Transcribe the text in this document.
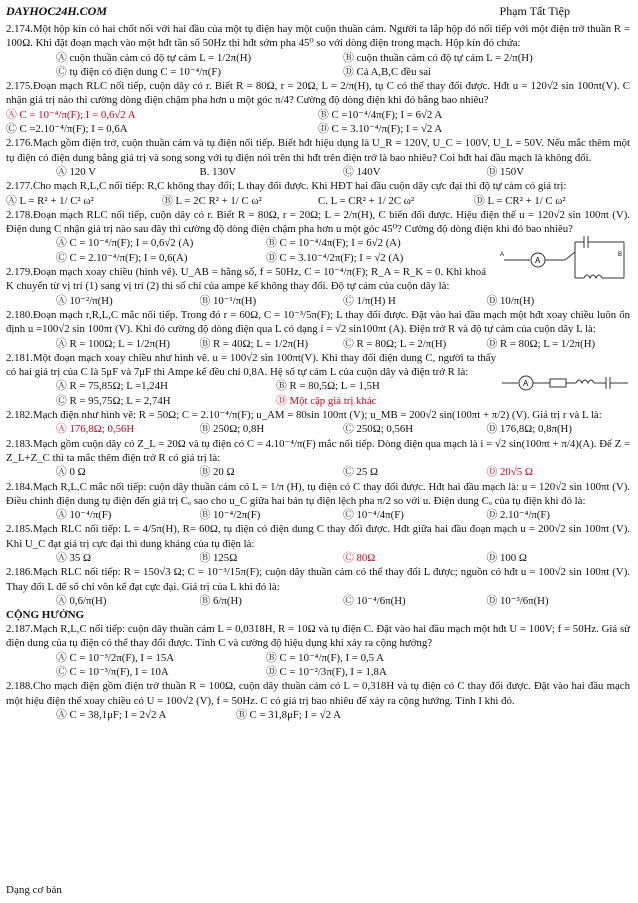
DAYHOC24H.COM	Phạm Tất Tiệp

2.174.Một hộp kín có hai chốt nối với hai đầu của một tụ điện hay một cuộn thuần cảm. Người ta lắp hộp đó nối tiếp với một điện trở thuần R = 100Ω. Khi đặt đoạn mạch vào một hđt tần số 50Hz thì hđt sớm pha 45⁰ so với dòng điện trong mạch. Hộp kín đó chứa:

Ⓐ cuộn thuần cảm có độ tự cảm L = 1/2π(H)	Ⓑ cuộn thuần cảm có độ tự cảm L = 2/π(H)
Ⓒ tụ điện có điện dung C = 10⁻⁴/π(F)	Ⓓ Cả A,B,C đều sai

2.175.Đoạn mạch RLC nối tiếp, cuộn dây có r. Biết R = 80Ω, r = 20Ω, L = 2/π(H), tụ C có thể thay đổi được. Hđt u = 120√2 sin 100πt(V). C nhận giá trị nào thì cường dòng điện chậm pha hơn u một góc π/4? Cường độ dòng điện khi đó bằng bao nhiêu?

Ⓐ C = 10⁻⁴/π(F); I = 0,6√2 A	Ⓑ C =10⁻⁴/4π(F); I = 6√2 A
Ⓒ C =2.10⁻⁴/π(F); I = 0,6A	Ⓓ C = 3.10⁻⁴/π(F); I = √2 A

2.176.Mạch gồm điện trở, cuộn thuần cảm và tụ điện nối tiếp. Biết hđt hiệu dụng là U_R = 120V, U_C = 100V, U_L = 50V. Nếu mắc thêm một tụ điện có điện dung bằng giá trị và song song với tụ điện nói trên thì hđt trên điện trở là bao nhiêu? Coi hđt hai đầu mạch là không đổi.

Ⓐ 120 V	B. 130V	Ⓒ 140V	Ⓓ 150V

2.177.Cho mạch R,L,C nối tiếp: R,C không thay đổi; L thay đổi được. Khi HĐT hai đầu cuộn dây cực đại thì độ tự cảm có giá trị:

Ⓐ L = R² + 1/ C² ω²	Ⓑ L = 2C R² + 1/ C ω²	C. L = CR² + 1/ 2C ω²	Ⓓ L = CR² + 1/ C ω²

2.178.Đoạn mạch RLC nối tiếp, cuộn dây có r. Biết R = 80Ω, r = 20Ω; L = 2/π(H), C biến đổi được. Hiệu điện thế u = 120√2 sin 100πt (V). Điện dung C nhận giá trị nào sau đây thì cường độ dòng điện chậm pha hơn u một góc 45⁰? Cường độ dòng điện khi đó bao nhiêu?

Ⓐ C = 10⁻⁴/π(F); I = 0,6√2 (A)	Ⓑ C = 10⁻⁴/4π(F); I = 6√2 (A)
Ⓒ C = 2.10⁻⁴/π(F); I = 0,6(A)	Ⓓ C = 3.10⁻⁴/2π(F); I = √2 (A)	A
A	B

2.179.Đoạn mạch xoay chiều (hình vẽ). U_AB = hằng số, f = 50Hz, C = 10⁻⁴/π(F); R_A = R_K = 0. Khi khoá K chuyển từ vị trí (1) sang vị trí (2) thì số chỉ của ampe kế không thay đổi. Độ tự cảm của cuộn dây là:

Ⓐ 10⁻²/π(H)	Ⓑ 10⁻¹/π(H)	Ⓒ 1/π(H) H	Ⓓ 10/π(H)

2.180.Đoạn mạch r,R,L,C mắc nối tiếp. Trong đó r = 60Ω, C = 10⁻³/5π(F); L thay đổi được. Đặt vào hai đầu mạch một hđt xoay chiều luôn ổn định u =100√2 sin 100πt (V). Khi đó cường độ dòng điện qua L có dạng i = √2 sin100πt (A). Điện trở R và độ tự cảm của cuộn dây L là:

Ⓐ R = 100Ω; L = 1/2π(H)	Ⓑ R = 40Ω; L = 1/2π(H)	Ⓒ R = 80Ω; L = 2/π(H)	Ⓓ R = 80Ω; L = 1/2π(H)

2.181.Một đoạn mạch xoay chiều như hình vẽ. u = 100√2 sin 100πt(V). Khi thay đổi điện dung C, người ta thấy có hai giá trị của C là 5μF và 7μF thì Ampe kế đều chỉ 0,8A. Hệ số tự cảm L của cuộn dây và điện trở R là:

Ⓐ R = 75,85Ω; L =1,24H	Ⓑ R = 80,5Ω; L = 1,5H
Ⓒ R = 95,75Ω; L = 2,74H	Ⓓ Một cặp giá trị khác
A

2.182.Mạch điện như hình vẽ: R = 50Ω; C = 2.10⁻⁴/π(F); u_AM = 80sin 100πt (V); u_MB = 200√2 sin(100πt + π/2) (V). Giá trị r và L là:

Ⓐ 176,8Ω; 0,56H	Ⓑ 250Ω; 0,8H	Ⓒ 250Ω; 0,56H	Ⓓ 176,8Ω; 0,8π(H)

2.183.Mạch gồm cuộn dây có Z_L = 20Ω và tụ điện có C = 4.10⁻⁴/π(F) mắc nối tiếp. Dòng điện qua mạch là i = √2 sin(100πt + π/4)(A). Để Z = Z_L+Z_C thì ta mắc thêm điện trở R có giá trị là:

Ⓐ 0 Ω	Ⓑ 20 Ω	Ⓒ 25 Ω	Ⓓ 20√5 Ω

2.184.Mạch R,L,C mắc nối tiếp: cuộn dây thuần cảm có L = 1/π (H), tụ điện có C thay đổi được. Hđt hai đầu mạch là: u = 120√2 sin 100πt (V). Điều chỉnh điện dung tụ điện đến giá trị Cₒ sao cho u_C giữa hai bản tụ điện lệch pha π/2 so với u. Điện dung Cₒ của tụ điện khi đó là:

Ⓐ 10⁻⁴/π(F)	Ⓑ 10⁻⁴/2π(F)	Ⓒ 10⁻⁴/4π(F)	Ⓓ 2.10⁻⁴/π(F)

2.185.Mạch RLC nối tiếp: L = 4/5π(H), R= 60Ω, tụ điện có điện dung C thay đổi được. Hđt giữa hai đầu đoạn mạch u = 200√2 sin 100πt (V). Khi U_C đạt giá trị cực đại thì dung kháng của tụ điện là:

Ⓐ 35 Ω	Ⓑ 125Ω	Ⓒ 80Ω	Ⓓ 100 Ω

2.186.Mạch RLC nối tiếp: R = 150√3 Ω; C = 10⁻³/15π(F); cuộn dây thuần cảm có thể thay đổi L được; nguồn có hđt u = 100√2 sin 100πt (V). Thay đổi L để số chỉ vôn kế đạt cực đại. Giá trị của L khi đó là:

Ⓐ 0,6/π(H)	Ⓑ 6/π(H)	Ⓒ 10⁻⁴/6π(H)	Ⓓ 10⁻³/6π(H)
CỘNG HƯỞNG

2.187.Mạch R,L,C nối tiếp: cuộn dây thuần cảm L = 0,0318H, R = 10Ω và tụ điện C. Đặt vào hai đầu mạch một hđt U = 100V; f = 50Hz. Giả sử điện dung của tụ điện có thể thay đổi được. Tính C và cường độ hiệu dụng khi xảy ra cộng hưởng?

Ⓐ C = 10⁻³/2π(F), I = 15A	Ⓑ C = 10⁻⁴/π(F), I = 0,5 A
Ⓒ C = 10⁻³/π(F), I = 10A	Ⓓ C = 10⁻²/3π(F), I = 1,8A

2.188.Cho mạch điện gồm điện trở thuần R = 100Ω, cuộn dây thuần cảm có L = 0,318H và tụ điện có C thay đổi được. Đặt vào hai đầu mạch một hiệu điện thế xoay chiều có U = 100√2 (V), f = 50Hz. C có giá trị bao nhiêu để xảy ra cộng hưởng. Tính I khi đó.

Ⓐ C = 38,1μF; I = 2√2 A	Ⓑ C = 31,8μF; I = √2 A
Dạng cơ bản
